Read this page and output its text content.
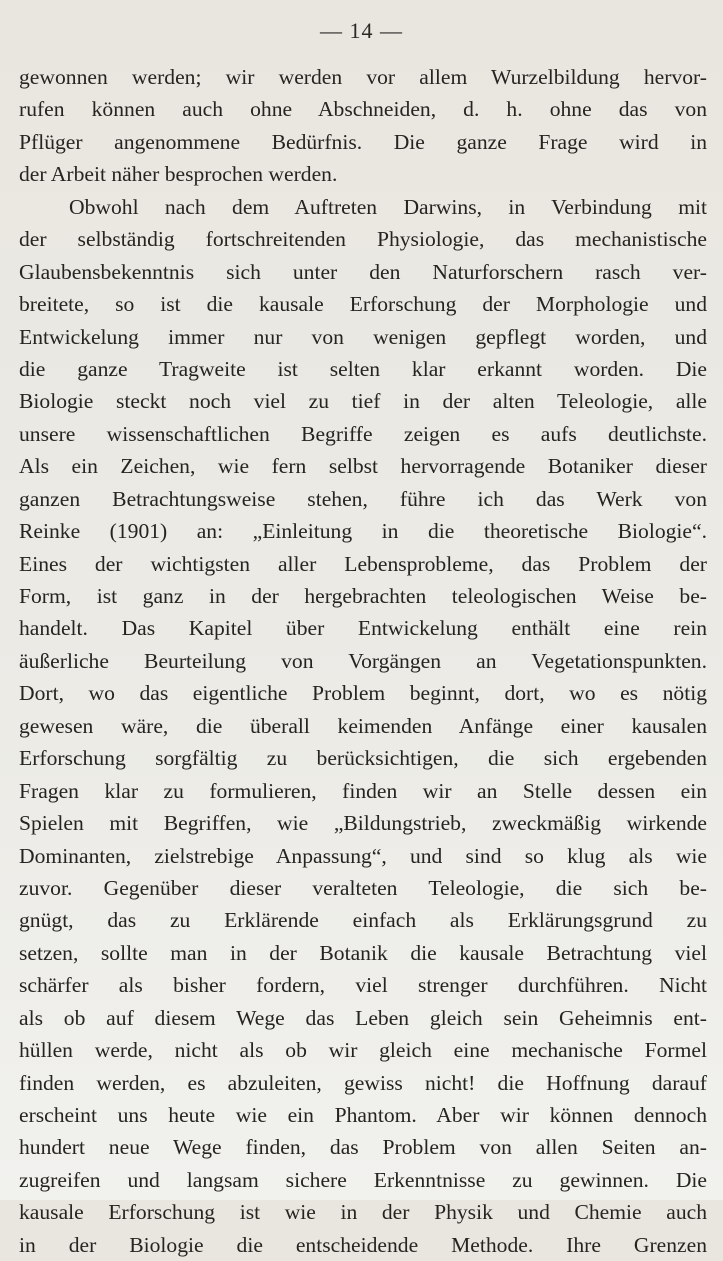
— 14 —
gewonnen werden; wir werden vor allem Wurzelbildung hervor-
rufen können auch ohne Abschneiden, d. h. ohne das von
Pflüger angenommene Bedürfnis. Die ganze Frage wird in
der Arbeit näher besprochen werden.
Obwohl nach dem Auftreten Darwins, in Verbindung mit
der selbständig fortschreitenden Physiologie, das mechanistische
Glaubensbekenntnis sich unter den Naturforschern rasch ver-
breitete, so ist die kausale Erforschung der Morphologie und
Entwickelung immer nur von wenigen gepflegt worden, und
die ganze Tragweite ist selten klar erkannt worden. Die
Biologie steckt noch viel zu tief in der alten Teleologie, alle
unsere wissenschaftlichen Begriffe zeigen es aufs deutlichste.
Als ein Zeichen, wie fern selbst hervorragende Botaniker dieser
ganzen Betrachtungsweise stehen, führe ich das Werk von
Reinke (1901) an: „Einleitung in die theoretische Biologie“.
Eines der wichtigsten aller Lebensprobleme, das Problem der
Form, ist ganz in der hergebrachten teleologischen Weise be-
handelt. Das Kapitel über Entwickelung enthält eine rein
äußerliche Beurteilung von Vorgängen an Vegetationspunkten.
Dort, wo das eigentliche Problem beginnt, dort, wo es nötig
gewesen wäre, die überall keimenden Anfänge einer kausalen
Erforschung sorgfältig zu berücksichtigen, die sich ergebenden
Fragen klar zu formulieren, finden wir an Stelle dessen ein
Spielen mit Begriffen, wie „Bildungstrieb, zweckmäßig wirkende
Dominanten, zielstrebige Anpassung“, und sind so klug als wie
zuvor. Gegenüber dieser veralteten Teleologie, die sich be-
gnügt, das zu Erklärende einfach als Erklärungsgrund zu
setzen, sollte man in der Botanik die kausale Betrachtung viel
schärfer als bisher fordern, viel strenger durchführen. Nicht
als ob auf diesem Wege das Leben gleich sein Geheimnis ent-
hüllen werde, nicht als ob wir gleich eine mechanische Formel
finden werden, es abzuleiten, gewiss nicht! die Hoffnung darauf
erscheint uns heute wie ein Phantom. Aber wir können dennoch
hundert neue Wege finden, das Problem von allen Seiten an-
zugreifen und langsam sichere Erkenntnisse zu gewinnen. Die
kausale Erforschung ist wie in der Physik und Chemie auch
in der Biologie die entscheidende Methode. Ihre Grenzen
